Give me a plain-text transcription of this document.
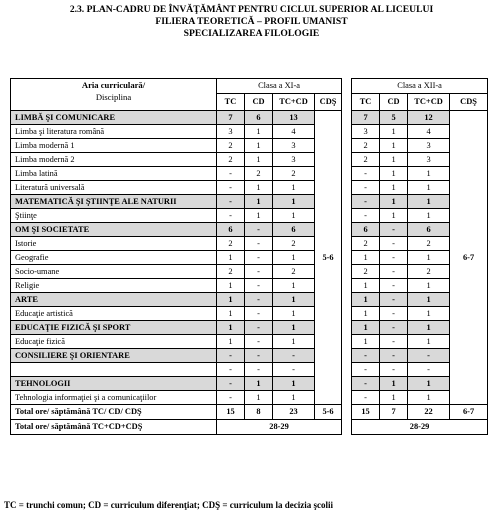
2.3. PLAN-CADRU DE ÎNVĂŢĂMÂNT PENTRU CICLUL SUPERIOR AL LICEULUI
FILIERA TEORETICĂ – PROFIL UMANIST
SPECIALIZAREA FILOLOGIE
Aria curriculară/
Disciplina	Clasa a XI-a					Clasa a XII-a			
	TC	CD	TC+CD	CDŞ		TC	CD	TC+CD	CDŞ
LIMBĂ ŞI COMUNICARE	7	6	13	5-6		7	5	12	6-7
Limba şi literatura română	3	1	4			3	1	4	
Limba modernă 1	2	1	3			2	1	3	
Limba modernă 2	2	1	3			2	1	3	
Limba latină	-	2	2			-	1	1	
Literatură universală	-	1	1			-	1	1	
MATEMATICĂ ŞI ŞTIINŢE ALE NATURII	-	1	1			-	1	1	
Ştiinţe	-	1	1			-	1	1	
OM ŞI SOCIETATE	6	-	6			6	-	6	
Istorie	2	-	2			2	-	2	
Geografie	1	-	1			1	-	1	
Socio-umane	2	-	2			2	-	2	
Religie	1	-	1			1	-	1	
ARTE	1	-	1			1	-	1	
Educaţie artistică	1	-	1			1	-	1	
EDUCAŢIE FIZICĂ ŞI SPORT	1	-	1			1	-	1	
Educaţie fizică	1	-	1			1	-	1	
CONSILIERE ŞI ORIENTARE	-	-	-			-	-	-	
	-	-	-			-	-	-	
TEHNOLOGII	-	1	1			-	1	1	
Tehnologia informaţiei şi a comunicaţiilor	-	1	1			-	1	1	
Total ore/ săptămână TC/ CD/ CDŞ	15	8	23	5-6		15	7	22	6-7
Total ore/ săptămână TC+CD+CDŞ	28-29					28-29			
TC = trunchi comun; CD = curriculum diferenţiat; CDŞ = curriculum la decizia şcolii
